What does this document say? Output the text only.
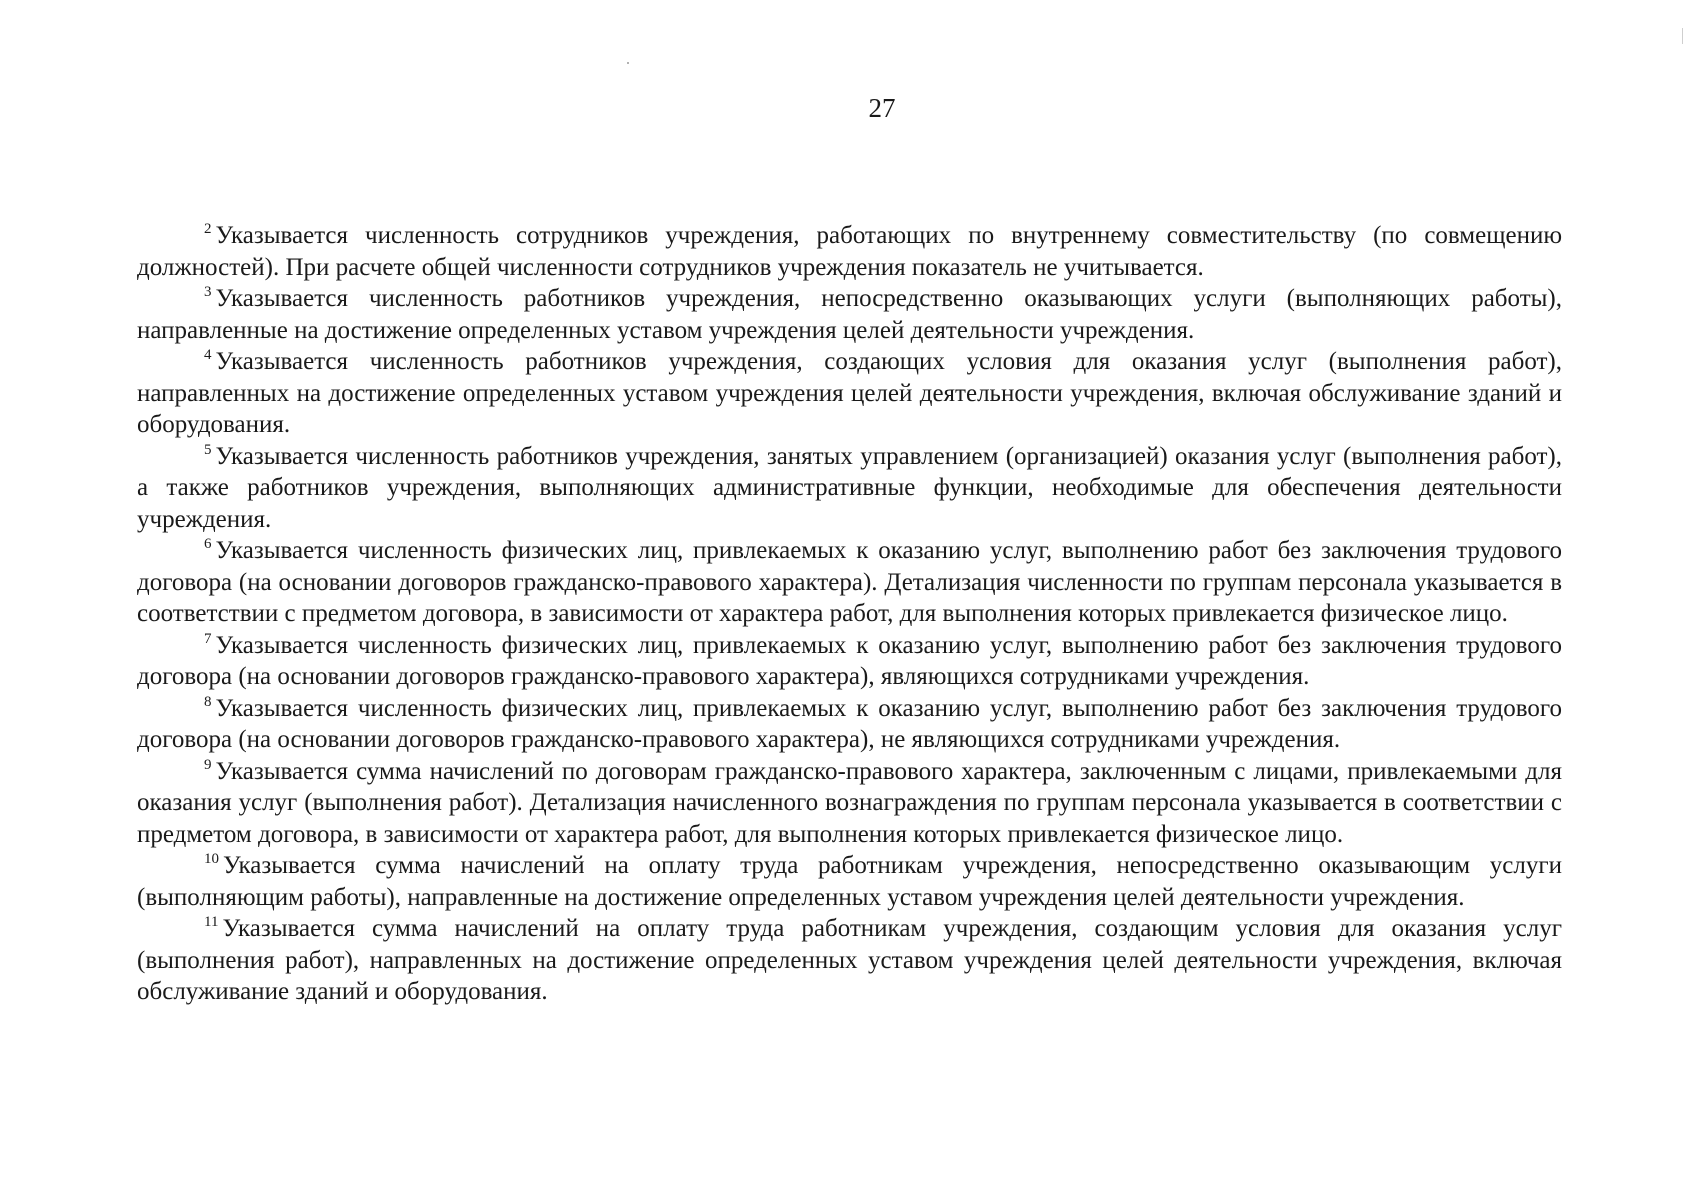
27

$^2$ Указывается численность сотрудников учреждения, работающих по внутреннему совместительству (по совмещению должностей). При расчете общей численности сотрудников учреждения показатель не учитывается.

$^3$ Указывается численность работников учреждения, непосредственно оказывающих услуги (выполняющих работы), направленные на достижение определенных уставом учреждения целей деятельности учреждения.

$^4$ Указывается численность работников учреждения, создающих условия для оказания услуг (выполнения работ), направленных на достижение определенных уставом учреждения целей деятельности учреждения, включая обслуживание зданий и оборудования.

$^5$ Указывается численность работников учреждения, занятых управлением (организацией) оказания услуг (выполнения работ), а также работников учреждения, выполняющих административные функции, необходимые для обеспечения деятельности учреждения.

$^6$ Указывается численность физических лиц, привлекаемых к оказанию услуг, выполнению работ без заключения трудового договора (на основании договоров гражданско-правового характера). Детализация численности по группам персонала указывается в соответствии с предметом договора, в зависимости от характера работ, для выполнения которых привлекается физическое лицо.

$^7$ Указывается численность физических лиц, привлекаемых к оказанию услуг, выполнению работ без заключения трудового договора (на основании договоров гражданско-правового характера), являющихся сотрудниками учреждения.

$^8$ Указывается численность физических лиц, привлекаемых к оказанию услуг, выполнению работ без заключения трудового договора (на основании договоров гражданско-правового характера), не являющихся сотрудниками учреждения.

$^9$ Указывается сумма начислений по договорам гражданско-правового характера, заключенным с лицами, привлекаемыми для оказания услуг (выполнения работ). Детализация начисленного вознаграждения по группам персонала указывается в соответствии с предметом договора, в зависимости от характера работ, для выполнения которых привлекается физическое лицо.

$^{10}$ Указывается сумма начислений на оплату труда работникам учреждения, непосредственно оказывающим услуги (выполняющим работы), направленные на достижение определенных уставом учреждения целей деятельности учреждения.

$^{11}$ Указывается сумма начислений на оплату труда работникам учреждения, создающим условия для оказания услуг (выполнения работ), направленных на достижение определенных уставом учреждения целей деятельности учреждения, включая обслуживание зданий и оборудования.
